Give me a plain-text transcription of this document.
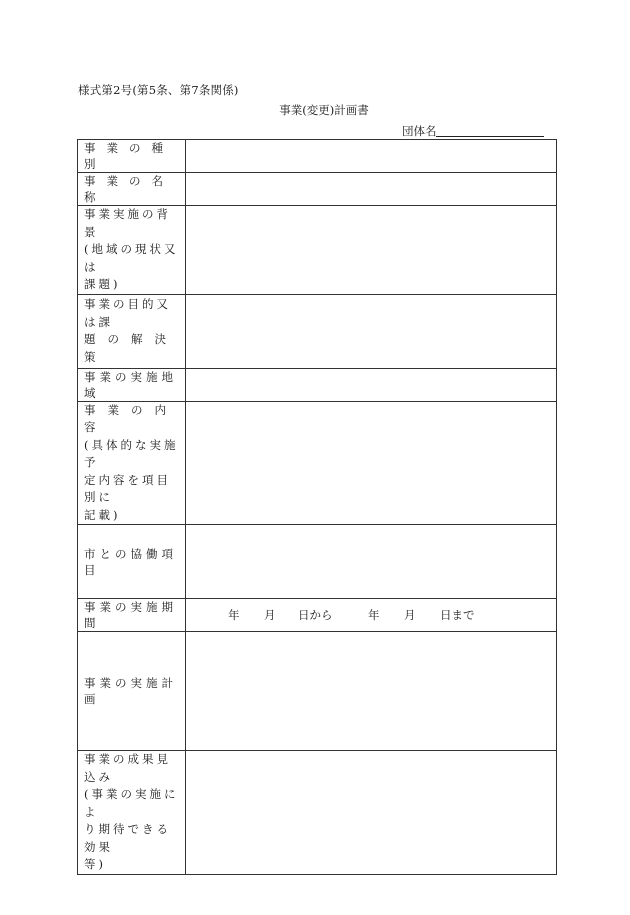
様式第2号(第5条、第7条関係)
事業(変更)計画書
団体名
事業の種別	

事業の名称	

事業実施の背景
(地域の現状又は
課題)	

事業の目的又は課
題の解決策	

事業の実施地域	

事業の内容
(具体的な実施予
定内容を項目別に
記載)	

市との協働項目	

事業の実施期間	年 月 日から 年 月 日まで

事業の実施計画	

事業の成果見込み
(事業の実施によ
り期待できる効果
等)	
